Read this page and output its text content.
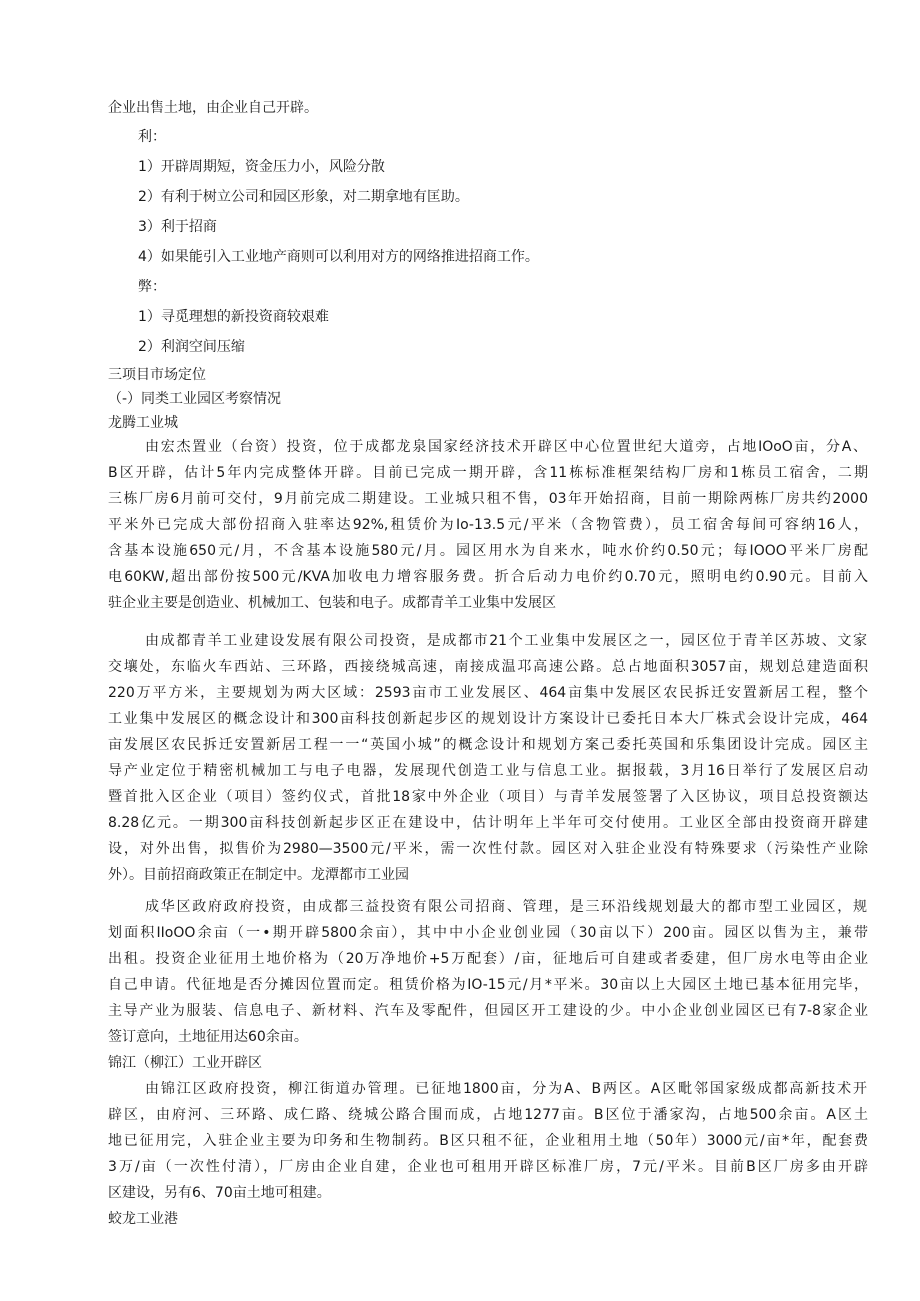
企业出售土地，由企业自己开辟。
利：
1）开辟周期短，资金压力小，风险分散
2）有利于树立公司和园区形象，对二期拿地有匡助。
3）利于招商
4）如果能引入工业地产商则可以利用对方的网络推进招商工作。
弊：
1）寻觅理想的新投资商较艰难
2）利润空间压缩
三项目市场定位
（-）同类工业园区考察情况
龙腾工业城
由宏杰置业（台资）投资，位于成都龙泉国家经济技术开辟区中心位置世纪大道旁，占地IOoO亩，分A、
B区开辟，估计5年内完成整体开辟。目前已完成一期开辟，含11栋标准框架结构厂房和1栋员工宿舍，二期
三栋厂房6月前可交付，9月前完成二期建设。工业城只租不售，03年开始招商，目前一期除两栋厂房共约2000
平米外已完成大部份招商入驻率达92%,租赁价为Io-13.5元/平米（含物管费），员工宿舍每间可容纳16人，
含基本设施650元/月，不含基本设施580元/月。园区用水为自来水，吨水价约0.50元；每IOOO平米厂房配
电60KW,超出部份按500元/KVA加收电力增容服务费。折合后动力电价约0.70元，照明电约0.90元。目前入
驻企业主要是创造业、机械加工、包装和电子。成都青羊工业集中发展区
由成都青羊工业建设发展有限公司投资，是成都市21个工业集中发展区之一，园区位于青羊区苏坡、文家
交壤处，东临火车西站、三环路，西接绕城高速，南接成温邛高速公路。总占地面积3057亩，规划总建造面积
220万平方米，主要规划为两大区域：2593亩市工业发展区、464亩集中发展区农民拆迁安置新居工程，整个
工业集中发展区的概念设计和300亩科技创新起步区的规划设计方案设计已委托日本大厂株式会设计完成，464
亩发展区农民拆迁安置新居工程一一“英国小城”的概念设计和规划方案己委托英国和乐集团设计完成。园区主
导产业定位于精密机械加工与电子电器，发展现代创造工业与信息工业。据报载，3月16日举行了发展区启动
暨首批入区企业（项目）签约仪式，首批18家中外企业（项目）与青羊发展签署了入区协议，项目总投资额达
8.28亿元。一期300亩科技创新起步区正在建设中，估计明年上半年可交付使用。工业区全部由投资商开辟建
设，对外出售，拟售价为2980—3500元/平米，需一次性付款。园区对入驻企业没有特殊要求（污染性产业除
外）。目前招商政策正在制定中。龙潭都市工业园
成华区政府政府投资，由成都三益投资有限公司招商、管理，是三环沿线规划最大的都市型工业园区，规
划面积IIoOO余亩（一•期开辟5800余亩），其中中小企业创业园（30亩以下）200亩。园区以售为主，兼带
出租。投资企业征用土地价格为（20万净地价+5万配套）/亩，征地后可自建或者委建，但厂房水电等由企业
自己申请。代征地是否分摊因位置而定。租赁价格为IO-15元/月*平米。30亩以上大园区土地已基本征用完毕，
主导产业为服装、信息电子、新材料、汽车及零配件，但园区开工建设的少。中小企业创业园区已有7-8家企业
签订意向，土地征用达60余亩。
锦江（柳江）工业开辟区
由锦江区政府投资，柳江街道办管理。已征地1800亩，分为A、B两区。A区毗邻国家级成都高新技术开
辟区，由府河、三环路、成仁路、绕城公路合围而成，占地1277亩。B区位于潘家沟，占地500余亩。A区土
地已征用完，入驻企业主要为印务和生物制药。B区只租不征，企业租用土地（50年）3000元/亩*年，配套费
3万/亩（一次性付清），厂房由企业自建，企业也可租用开辟区标准厂房，7元/平米。目前B区厂房多由开辟
区建设，另有6、70亩土地可租建。
蛟龙工业港
